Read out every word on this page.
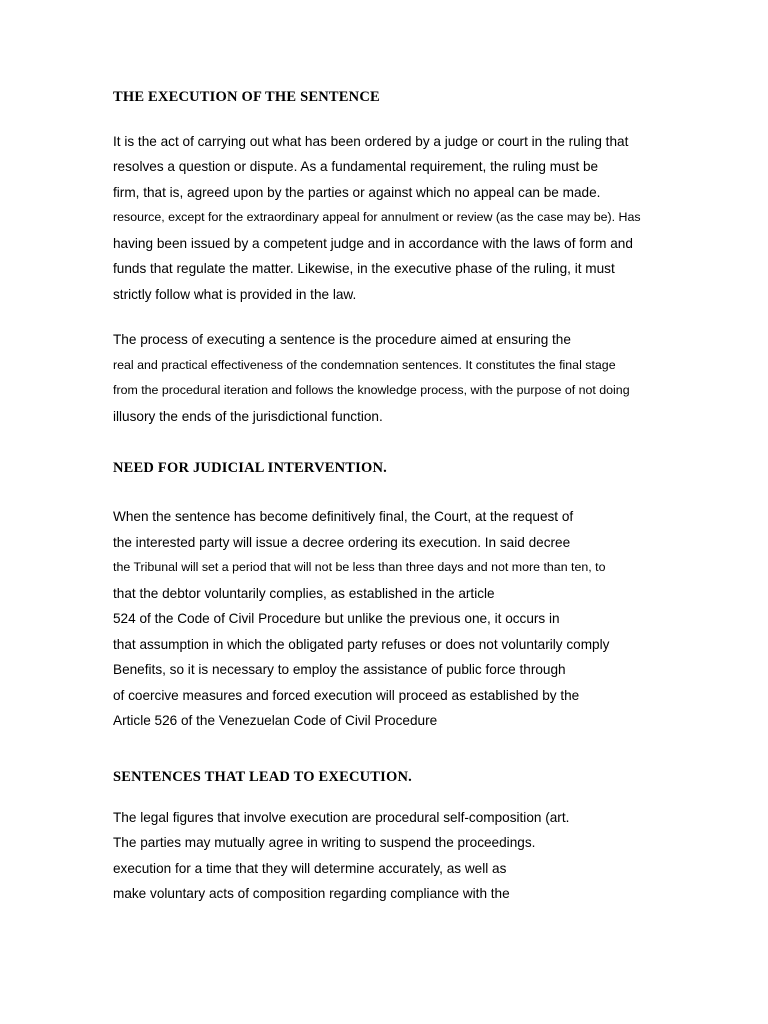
THE EXECUTION OF THE SENTENCE
It is the act of carrying out what has been ordered by a judge or court in the ruling that
resolves a question or dispute. As a fundamental requirement, the ruling must be
firm, that is, agreed upon by the parties or against which no appeal can be made.
resource, except for the extraordinary appeal for annulment or review (as the case may be). Has
having been issued by a competent judge and in accordance with the laws of form and
funds that regulate the matter. Likewise, in the executive phase of the ruling, it must
strictly follow what is provided in the law.
The process of executing a sentence is the procedure aimed at ensuring the
real and practical effectiveness of the condemnation sentences. It constitutes the final stage
from the procedural iteration and follows the knowledge process, with the purpose of not doing
illusory the ends of the jurisdictional function.
NEED FOR JUDICIAL INTERVENTION.
When the sentence has become definitively final, the Court, at the request of
the interested party will issue a decree ordering its execution. In said decree
the Tribunal will set a period that will not be less than three days and not more than ten, to
that the debtor voluntarily complies, as established in the article
524 of the Code of Civil Procedure but unlike the previous one, it occurs in
that assumption in which the obligated party refuses or does not voluntarily comply
Benefits, so it is necessary to employ the assistance of public force through
of coercive measures and forced execution will proceed as established by the
Article 526 of the Venezuelan Code of Civil Procedure
SENTENCES THAT LEAD TO EXECUTION.
The legal figures that involve execution are procedural self-composition (art.
The parties may mutually agree in writing to suspend the proceedings.
execution for a time that they will determine accurately, as well as
make voluntary acts of composition regarding compliance with the
